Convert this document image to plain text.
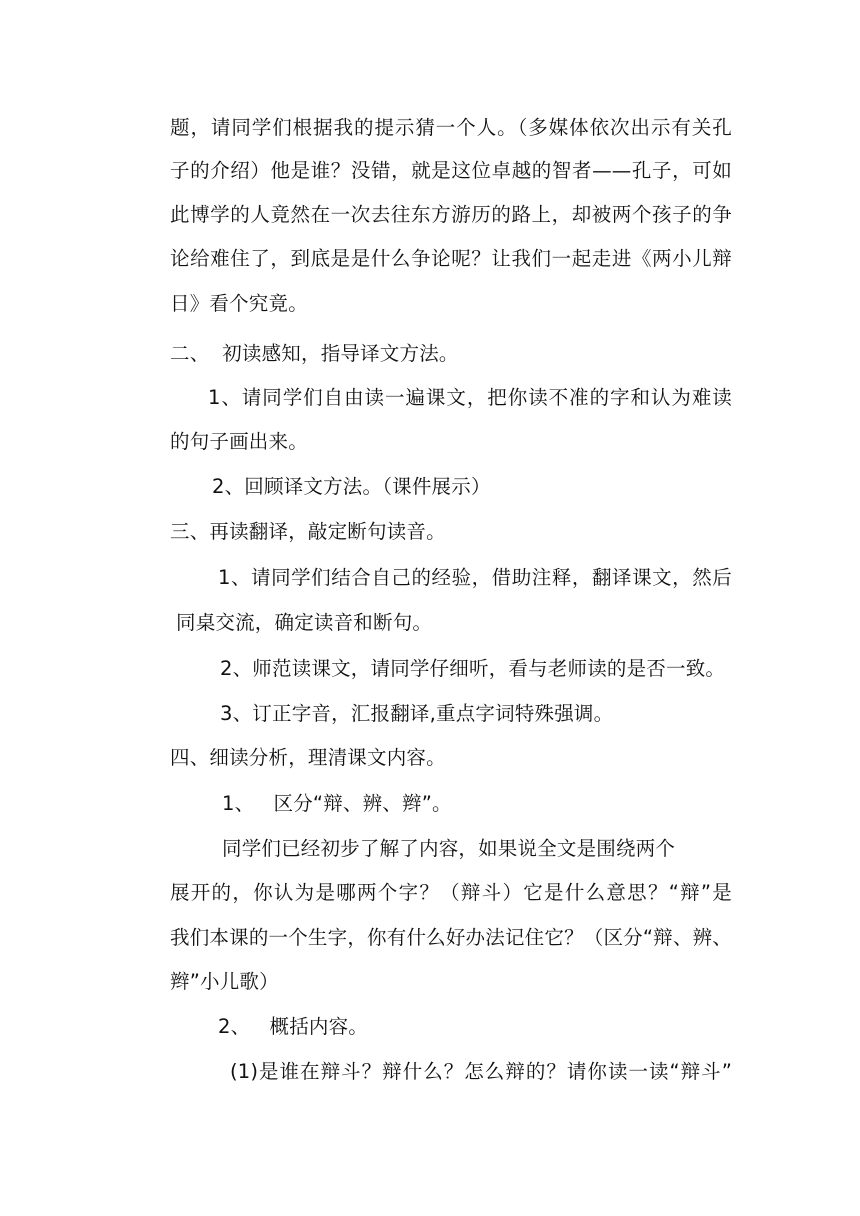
题，请同学们根据我的提示猜一个人。（多媒体依次出示有关孔
子的介绍）他是谁？没错，就是这位卓越的智者——孔子，可如
此博学的人竟然在一次去往东方游历的路上，却被两个孩子的争
论给难住了，到底是是什么争论呢？让我们一起走进《两小儿辩
日》看个究竟。
二、  初读感知，指导译文方法。
1、请同学们自由读一遍课文，把你读不准的字和认为难读
的句子画出来。
2、回顾译文方法。（课件展示）
三、再读翻译，敲定断句读音。
1、请同学们结合自己的经验，借助注释，翻译课文，然后
同桌交流，确定读音和断句。
2、师范读课文，请同学仔细听，看与老师读的是否一致。
3、订正字音，汇报翻译,重点字词特殊强调。
四、细读分析，理清课文内容。
1、   区分“辩、辨、辫”。
同学们已经初步了解了内容，如果说全文是围绕两个
展开的，你认为是哪两个字？（辩斗）它是什么意思？“辩”是
我们本课的一个生字，你有什么好办法记住它？（区分“辩、辨、
辫”小儿歌）
2、   概括内容。
(1)是谁在辩斗？辩什么？怎么辩的？请你读一读“辩斗”
